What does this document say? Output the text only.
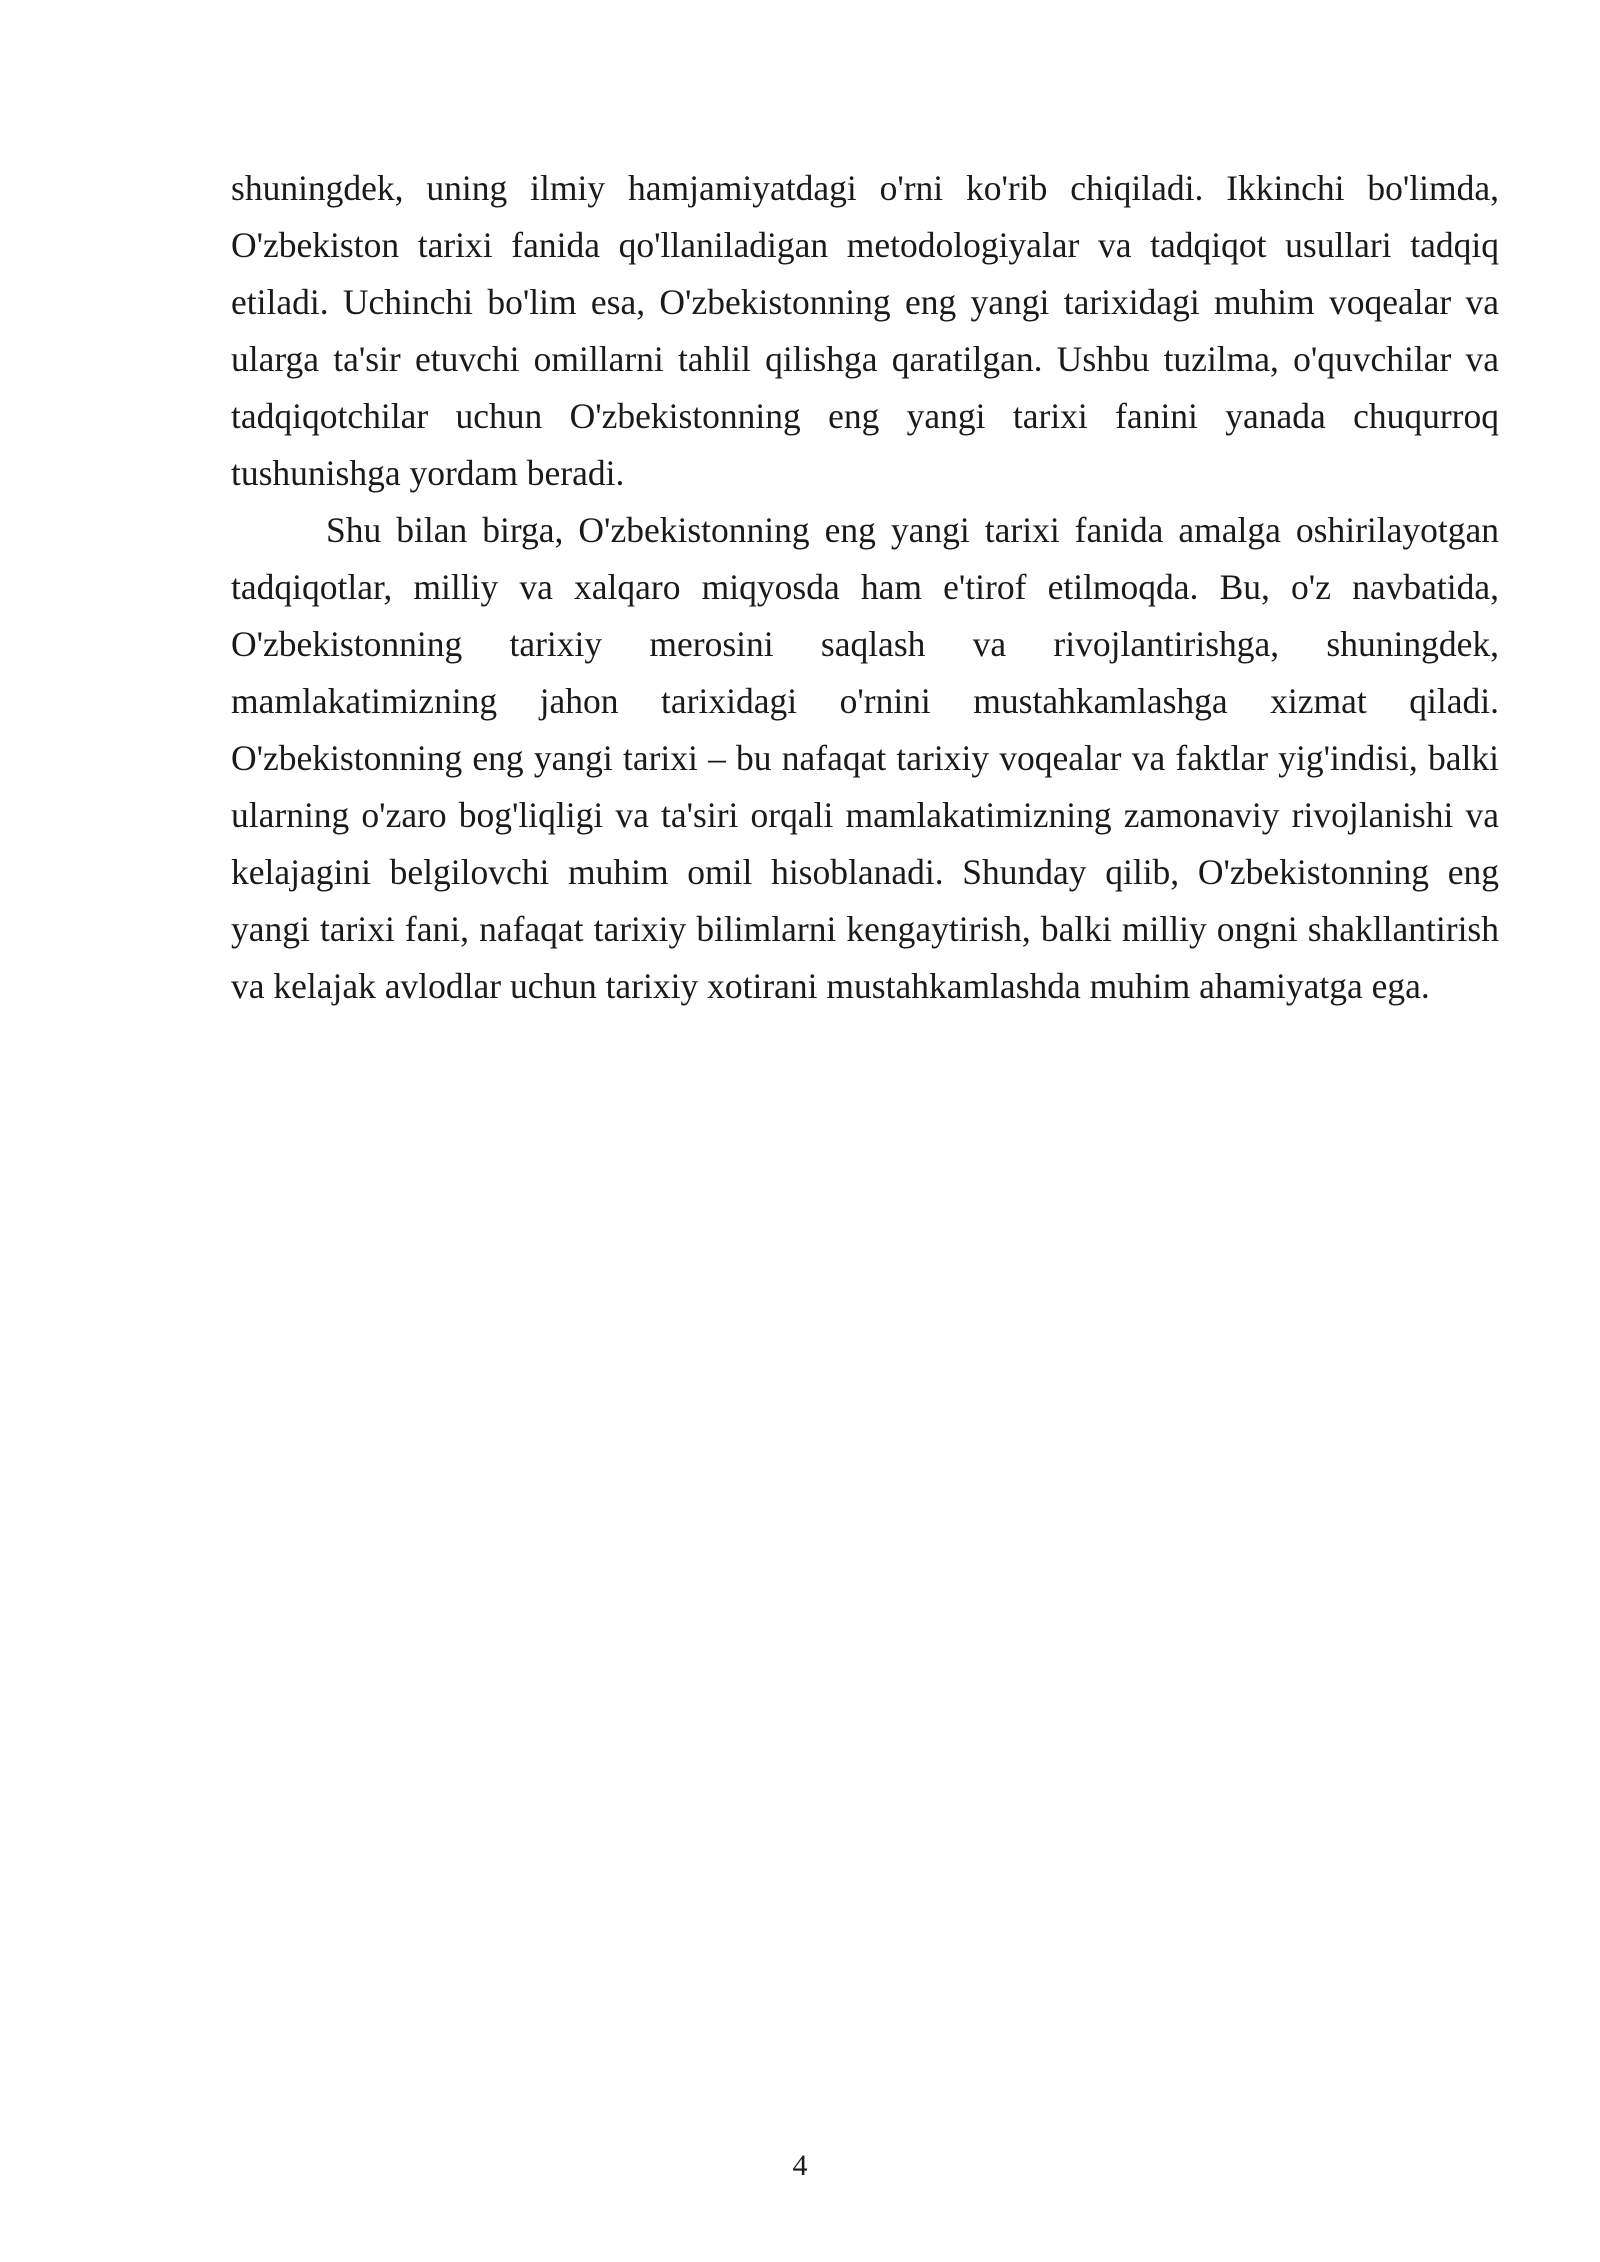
shuningdek, uning ilmiy hamjamiyatdagi o'rni ko'rib chiqiladi. Ikkinchi bo'limda, O'zbekiston tarixi fanida qo'llaniladigan metodologiyalar va tadqiqot usullari tadqiq etiladi. Uchinchi bo'lim esa, O'zbekistonning eng yangi tarixidagi muhim voqealar va ularga ta'sir etuvchi omillarni tahlil qilishga qaratilgan. Ushbu tuzilma, o'quvchilar va tadqiqotchilar uchun O'zbekistonning eng yangi tarixi fanini yanada chuqurroq tushunishga yordam beradi.

Shu bilan birga, O'zbekistonning eng yangi tarixi fanida amalga oshirilayotgan tadqiqotlar, milliy va xalqaro miqyosda ham e'tirof etilmoqda. Bu, o'z navbatida, O'zbekistonning tarixiy merosini saqlash va rivojlantirishga, shuningdek, mamlakatimizning jahon tarixidagi o'rnini mustahkamlashga xizmat qiladi. O'zbekistonning eng yangi tarixi – bu nafaqat tarixiy voqealar va faktlar yig'indisi, balki ularning o'zaro bog'liqligi va ta'siri orqali mamlakatimizning zamonaviy rivojlanishi va kelajagini belgilovchi muhim omil hisoblanadi. Shunday qilib, O'zbekistonning eng yangi tarixi fani, nafaqat tarixiy bilimlarni kengaytirish, balki milliy ongni shakllantirish va kelajak avlodlar uchun tarixiy xotirani mustahkamlashda muhim ahamiyatga ega.

4
